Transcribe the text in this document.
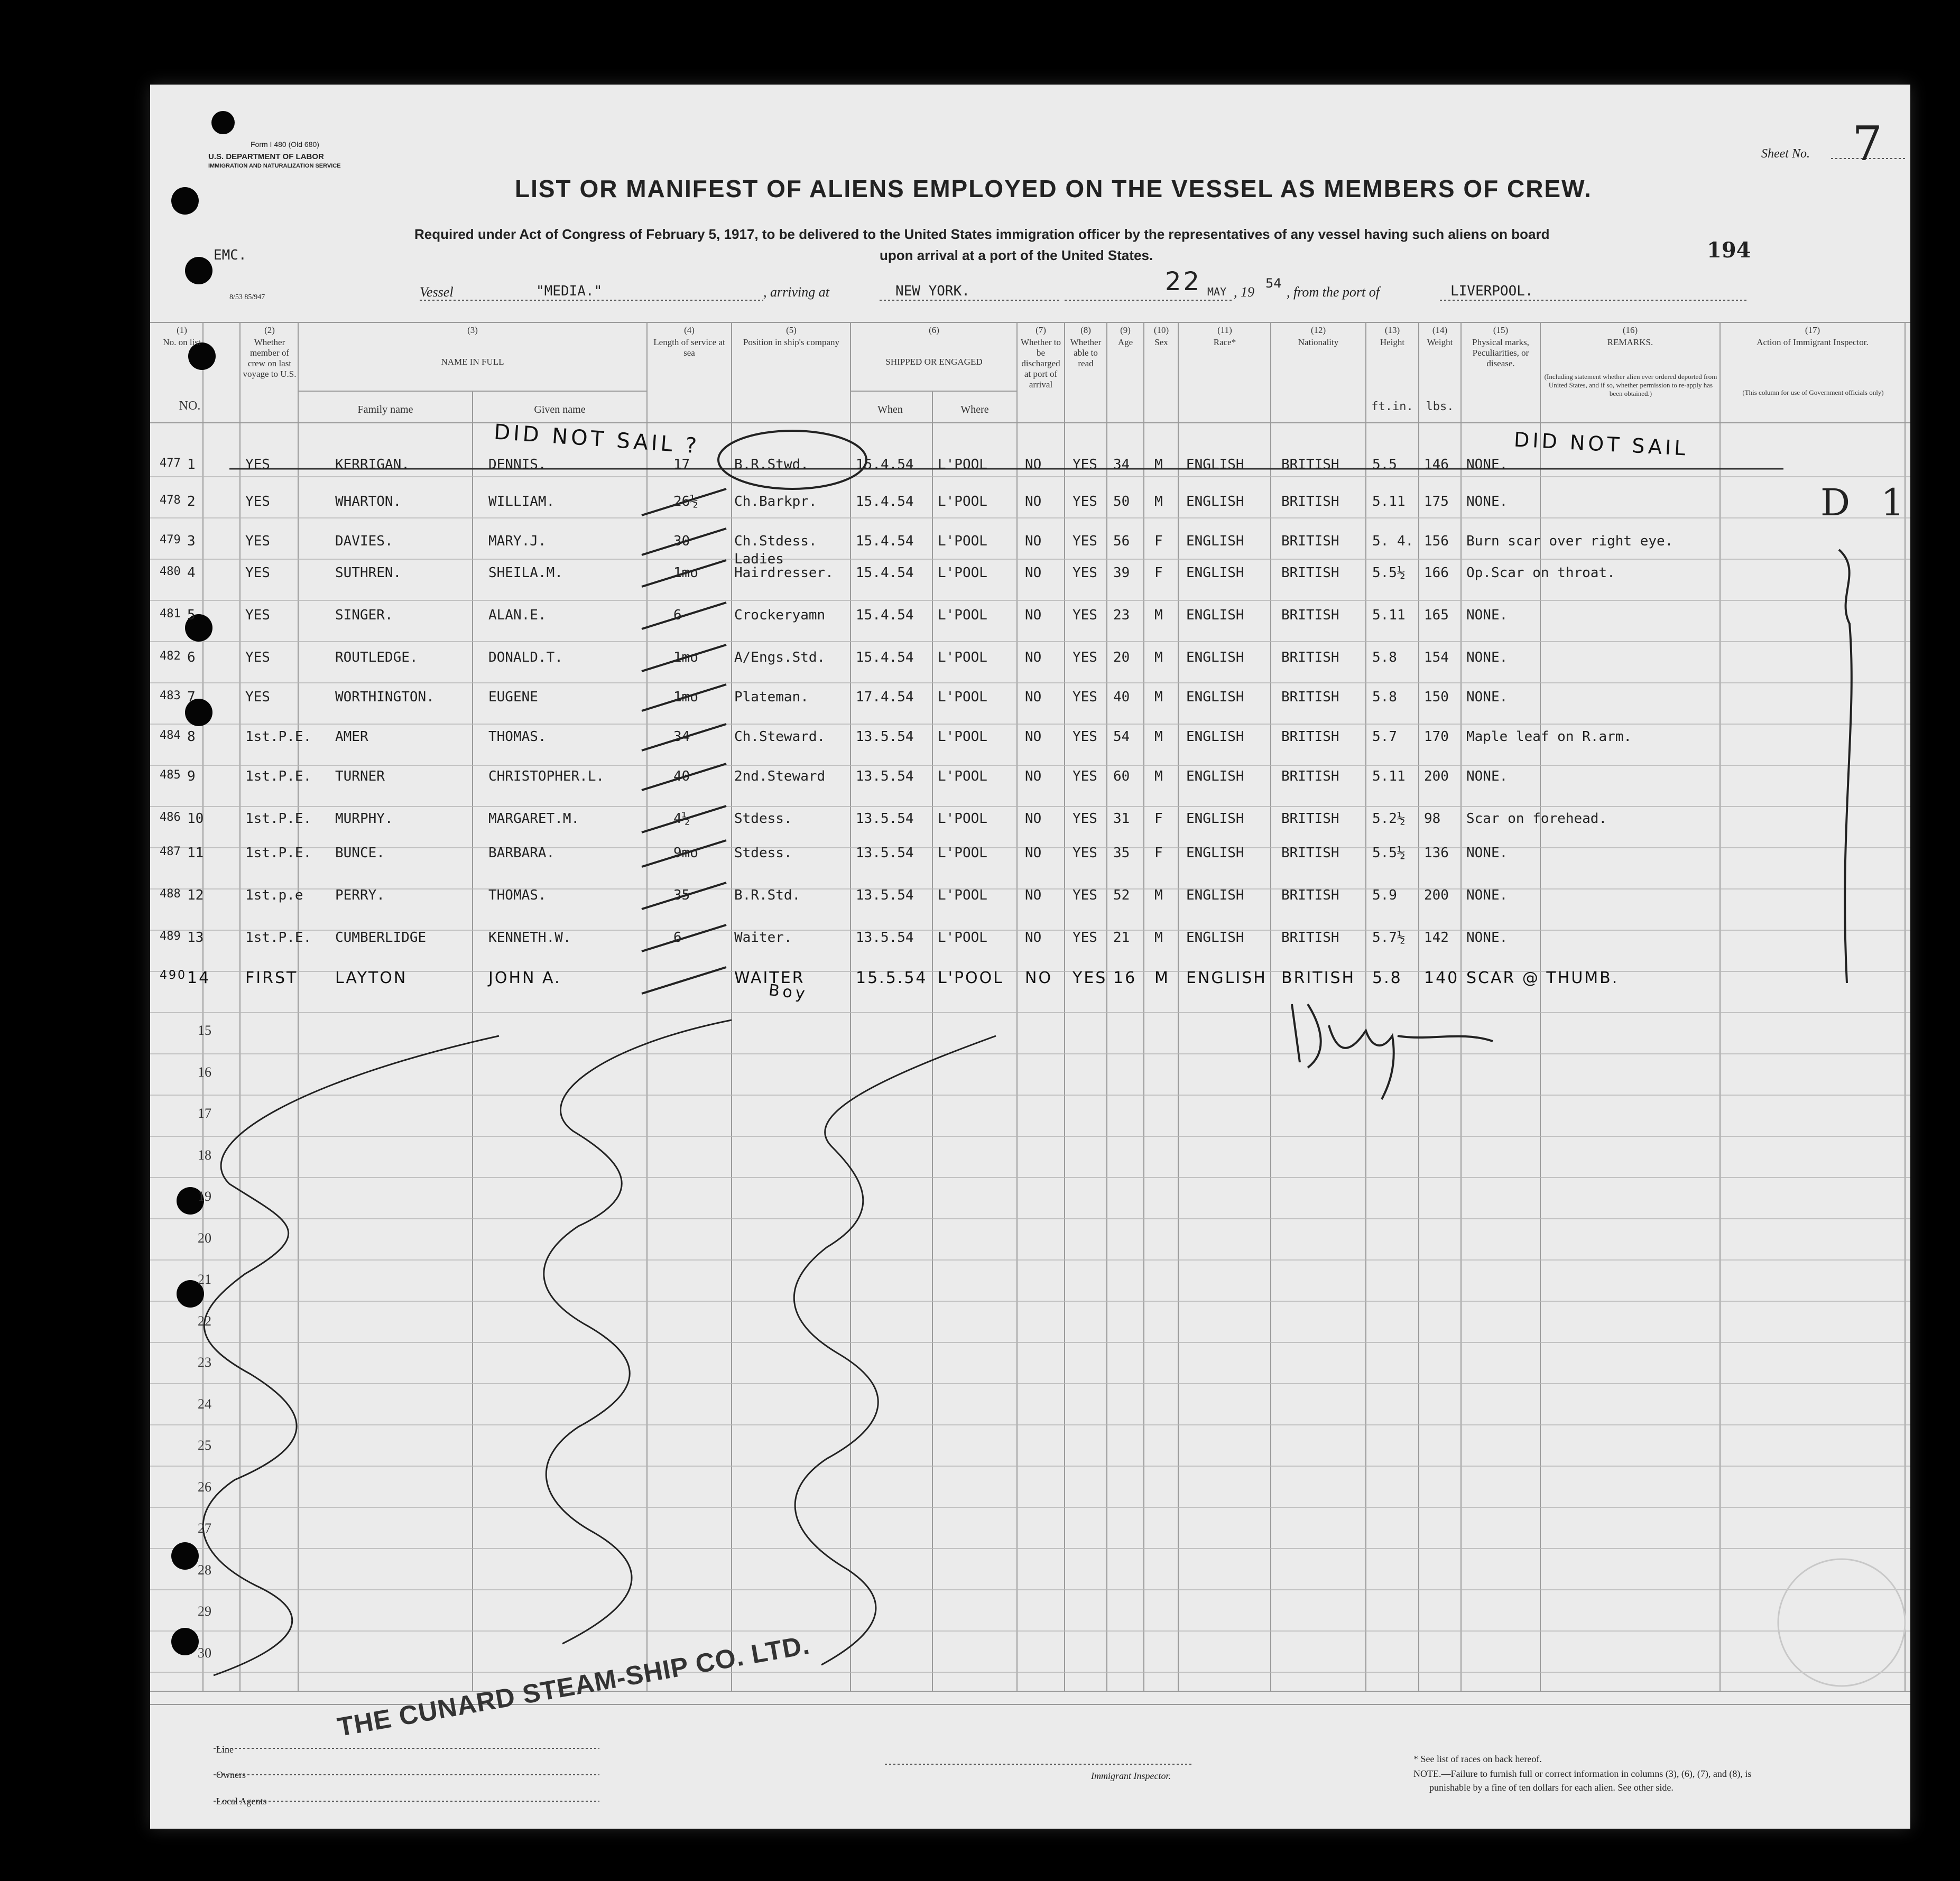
Form I 480 (Old 680)
U.S. DEPARTMENT OF LABOR
IMMIGRATION AND NATURALIZATION SERVICE
EMC.
8/53 85/947
Sheet No. 7
LIST OR MANIFEST OF ALIENS EMPLOYED ON THE VESSEL AS MEMBERS OF CREW.
Required under Act of Congress of February 5, 1917, to be delivered to the United States immigration officer by the representatives of any vessel having such aliens on board
upon arrival at a port of the United States.	194
Vessel	"MEDIA."	, arriving at	NEW YORK.	22 MAY , 19
54
, from the port of	LIVERPOOL.
(1)
No. on list
(2)
Whether member of crew on last voyage to U.S.
(3)
NAME IN FULL
(4)
Length of service at sea
(5)
Position in ship's company
(6)
SHIPPED OR ENGAGED
(7)
Whether to be discharged at port of arrival
(8)
Whether able to read
(9)
Age
(10)
Sex
(11)
Race*
(12)
Nationality
(13)
Height
(14)
Weight
(15)
Physical marks, Peculiarities, or disease.
(16)
REMARKS.
(17)
Action of Immigrant Inspector.
NO.	Family name	Given name	When	Where	ft.in.	lbs.
(Including statement whether alien ever ordered deported from United States, and if so, whether permission to re-apply has been obtained.)	(This column for use of Government officials only)
477 1	YES	KERRIGAN.	DENNIS.	17	B.R.Stwd.	15.4.54 L'POOL	NO YES 34 M ENGLISH	BRITISH 5.5 146 NONE.
478 2	YES	WHARTON.	WILLIAM.	26½	Ch.Barkpr.	15.4.54 L'POOL	NO YES 50 M ENGLISH	BRITISH 5.11 175 NONE.
479 3	YES	DAVIES.	MARY.J.	30	Ch.Stdess.	15.4.54 L'POOL	NO YES 56 F ENGLISH	BRITISH 5. 4. 156 Burn scar over right eye.
480 4	YES	SUTHREN.	SHEILA.M.	1mo
Ladies Hairdresser.	15.4.54 L'POOL	NO YES 39 F ENGLISH	BRITISH 5.5½ 166 Op.Scar on throat.
481 5	YES	SINGER.	ALAN.E.	6	Crockeryamn 15.4.54 L'POOL	NO YES 23 M ENGLISH	BRITISH 5.11 165 NONE.
482 6	YES	ROUTLEDGE.	DONALD.T.	1mo	A/Engs.Std. 15.4.54 L'POOL	NO YES 20 M ENGLISH	BRITISH 5.8 154 NONE.
483 7	YES	WORTHINGTON.	EUGENE	1mo	Plateman.	17.4.54 L'POOL	NO YES 40 M ENGLISH	BRITISH 5.8 150 NONE.
484 8	1st.P.E. AMER	THOMAS.	34	Ch.Steward. 13.5.54 L'POOL	NO YES 54 M ENGLISH	BRITISH 5.7 170 Maple leaf on R.arm.
485 9	1st.P.E. TURNER	CHRISTOPHER.L.	40	2nd.Steward 13.5.54 L'POOL	NO YES 60 M ENGLISH	BRITISH 5.11 200 NONE.
486 10	1st.P.E. MURPHY.	MARGARET.M.	4½	Stdess.	13.5.54 L'POOL	NO YES 31 F ENGLISH	BRITISH 5.2½ 98 Scar on forehead.
487 11	1st.P.E. BUNCE.	BARBARA.	9mo	Stdess.	13.5.54 L'POOL	NO YES 35 F ENGLISH	BRITISH 5.5½ 136 NONE.
488 12	1st.p.e PERRY.	THOMAS.	35	B.R.Std.	13.5.54 L'POOL	NO YES 52 M ENGLISH	BRITISH 5.9 200 NONE.
489 13	1st.P.E. CUMBERLIDGE	KENNETH.W.	6	Waiter.	13.5.54 L'POOL	NO YES 21 M ENGLISH	BRITISH 5.7½ 142 NONE.
490 14 FIRST LAYTON	JOHN A.	WAITER	15.5.54 L'POOL NO YES 16 M ENGLISH BRITISH 5.8 140 SCAR @ THUMB.
15
16
17
18
19
20
21
22
23
24
25
26
27
28
29
30
DID NOT SAIL ?	DID NOT SAIL
D 1
Boy
Line
Owners
Local Agents
THE CUNARD STEAM-SHIP CO. LTD.
Immigrant Inspector.
* See list of races on back hereof.
NOTE.—Failure to furnish full or correct information in columns (3), (6), (7), and (8), is
punishable by a fine of ten dollars for each alien. See other side.
